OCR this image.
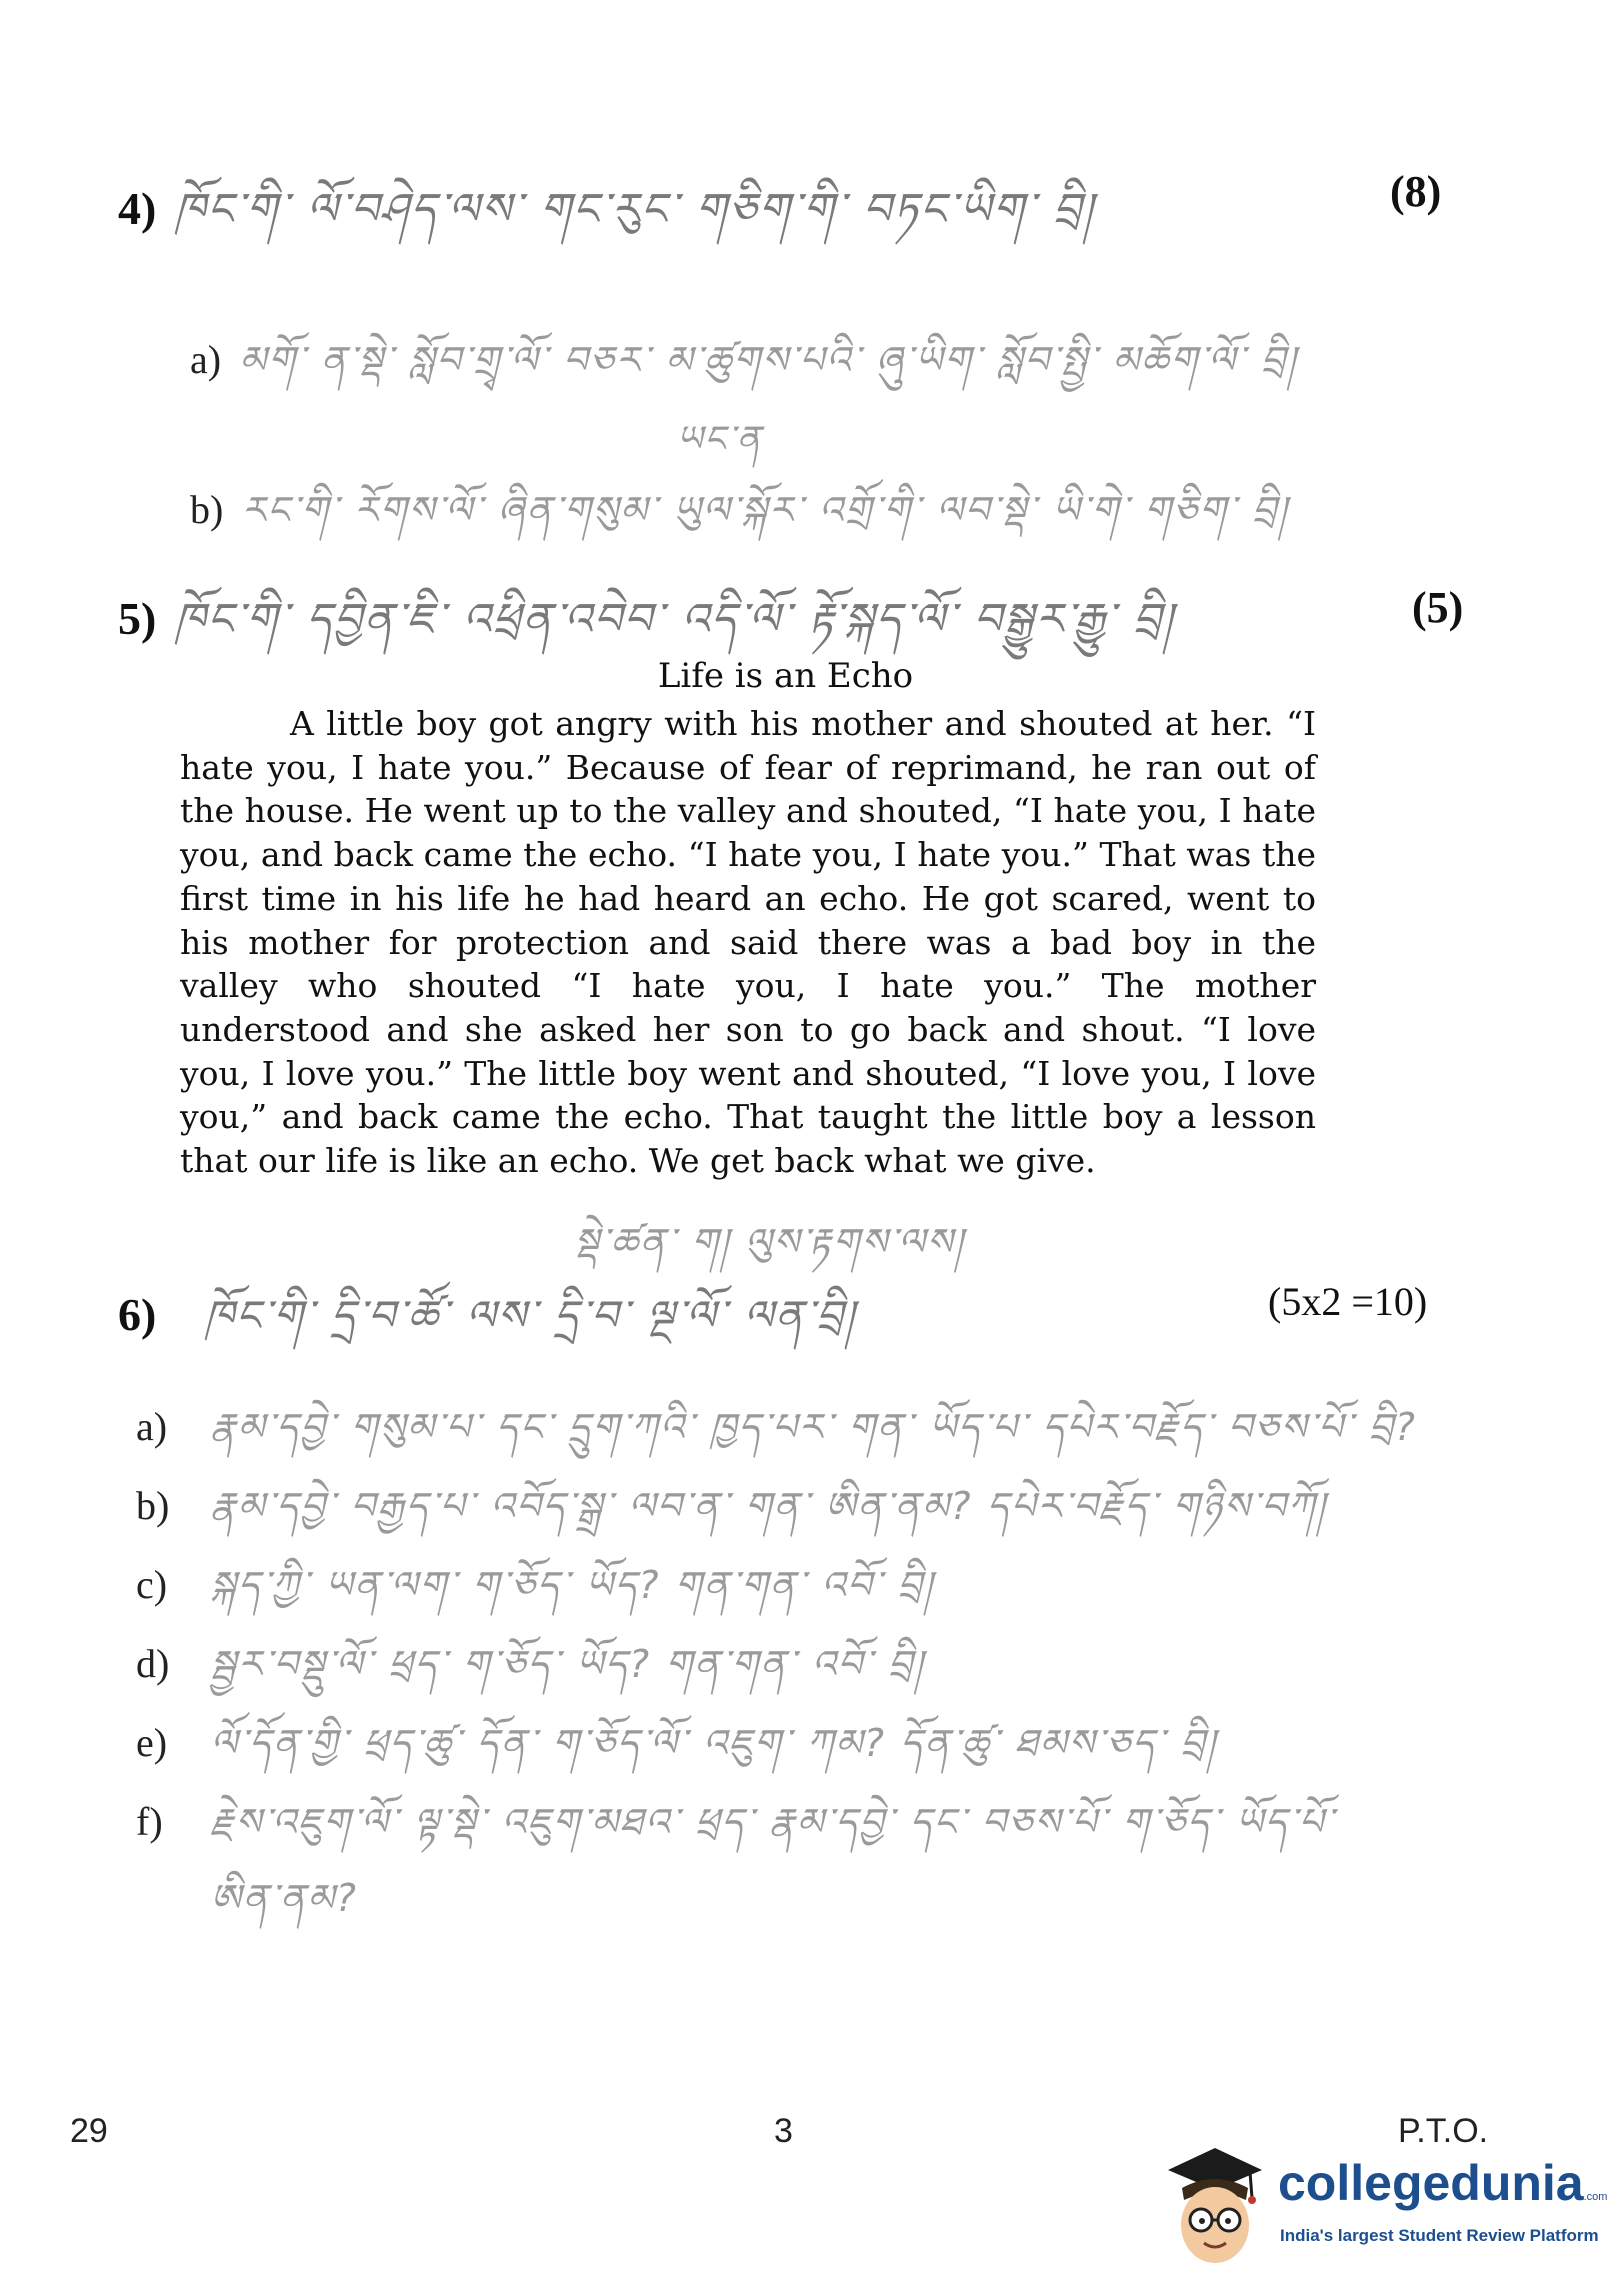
4) ཁོང་གི་ ལོ་བཤེད་ལས་ གང་རུང་ གཅིག་གི་ བཏང་ཡིག་ བྲི།	(8)
a) མགོ་ ན་སྡེ་ སློབ་གྲྭ་ལོ་ བཅར་ མ་ཚུགས་པའི་ ཞུ་ཡིག་ སློབ་སྤྱི་ མཆོག་ལོ་ བྲི།
ཡང་ན
b) རང་གི་ རོགས་ལོ་ ཞིན་གསུམ་ ཡུལ་སྐོར་ འགྲོ་གི་ ལབ་སྡེ་ ཡི་གེ་ གཅིག་ བྲི།
5) ཁོང་གི་ དབྱིན་ཇི་ འཕྲིན་འབེབ་ འདི་ལོ་ རྟོ་སྐད་ལོ་ བསྒྱུར་རྒྱུ་ བྲི།	(5)
Life is an Echo
A little boy got angry with his mother and shouted at her. “I hate you, I hate you.” Because of fear of reprimand, he ran out of the house. He went up to the valley and shouted, “I hate you, I hate you, and back came the echo. “I hate you, I hate you.” That was the first time in his life he had heard an echo. He got scared, went to his mother for protection and said there was a bad boy in the valley who shouted “I hate you, I hate you.” The mother understood and she asked her son to go back and shout. “I love you, I love you.” The little boy went and shouted, “I love you, I love you,” and back came the echo. That taught the little boy a lesson that our life is like an echo. We get back what we give.
སྡེ་ཚན་ ག། ལུས་རྟགས་ལས།
6) ཁོང་གི་ དྲི་བ་ཚོ་ ལས་ དྲི་བ་ ལྔ་ལོ་ ལན་བྲི།	(5x2 =10)
a)	རྣམ་དབྱེ་ གསུམ་པ་ དང་ དྲུག་ཀའི་ ཁྱད་པར་ གན་ ཡོད་པ་ དཔེར་བརྗོད་ བཅས་པོ་ བྲི?
b)	རྣམ་དབྱེ་ བརྒྱད་པ་ འབོད་སྒྲ་ ལབ་ན་ གན་ ཨིན་ནམ? དཔེར་བརྗོད་ གཉིས་བཀོ།
c)	སྐད་ཀྱི་ ཡན་ལག་ ག་ཅོད་ ཡོད? གན་གན་ འབོ་ བྲི།
d)	སྦྱར་བསྡུ་ལོ་ ཕྲད་ ག་ཅོད་ ཡོད? གན་གན་ འབོ་ བྲི།
e)	ལོ་དོན་གྱི་ ཕྲད་ཚུ་ དོན་ ག་ཅོད་ལོ་ འཇུག་ ཀམ? དོན་ཚུ་ ཐམས་ཅད་ བྲི།
f)	རྗེས་འཇུག་ལོ་ ལྟ་སྡེ་ འཇུག་མཐའ་ ཕྲད་ རྣམ་དབྱེ་ དང་ བཅས་པོ་ ག་ཅོད་ ཡོད་པོ་
ཨིན་ནམ?
29	3	P.T.O.
collegedunia.com
India's largest Student Review Platform
